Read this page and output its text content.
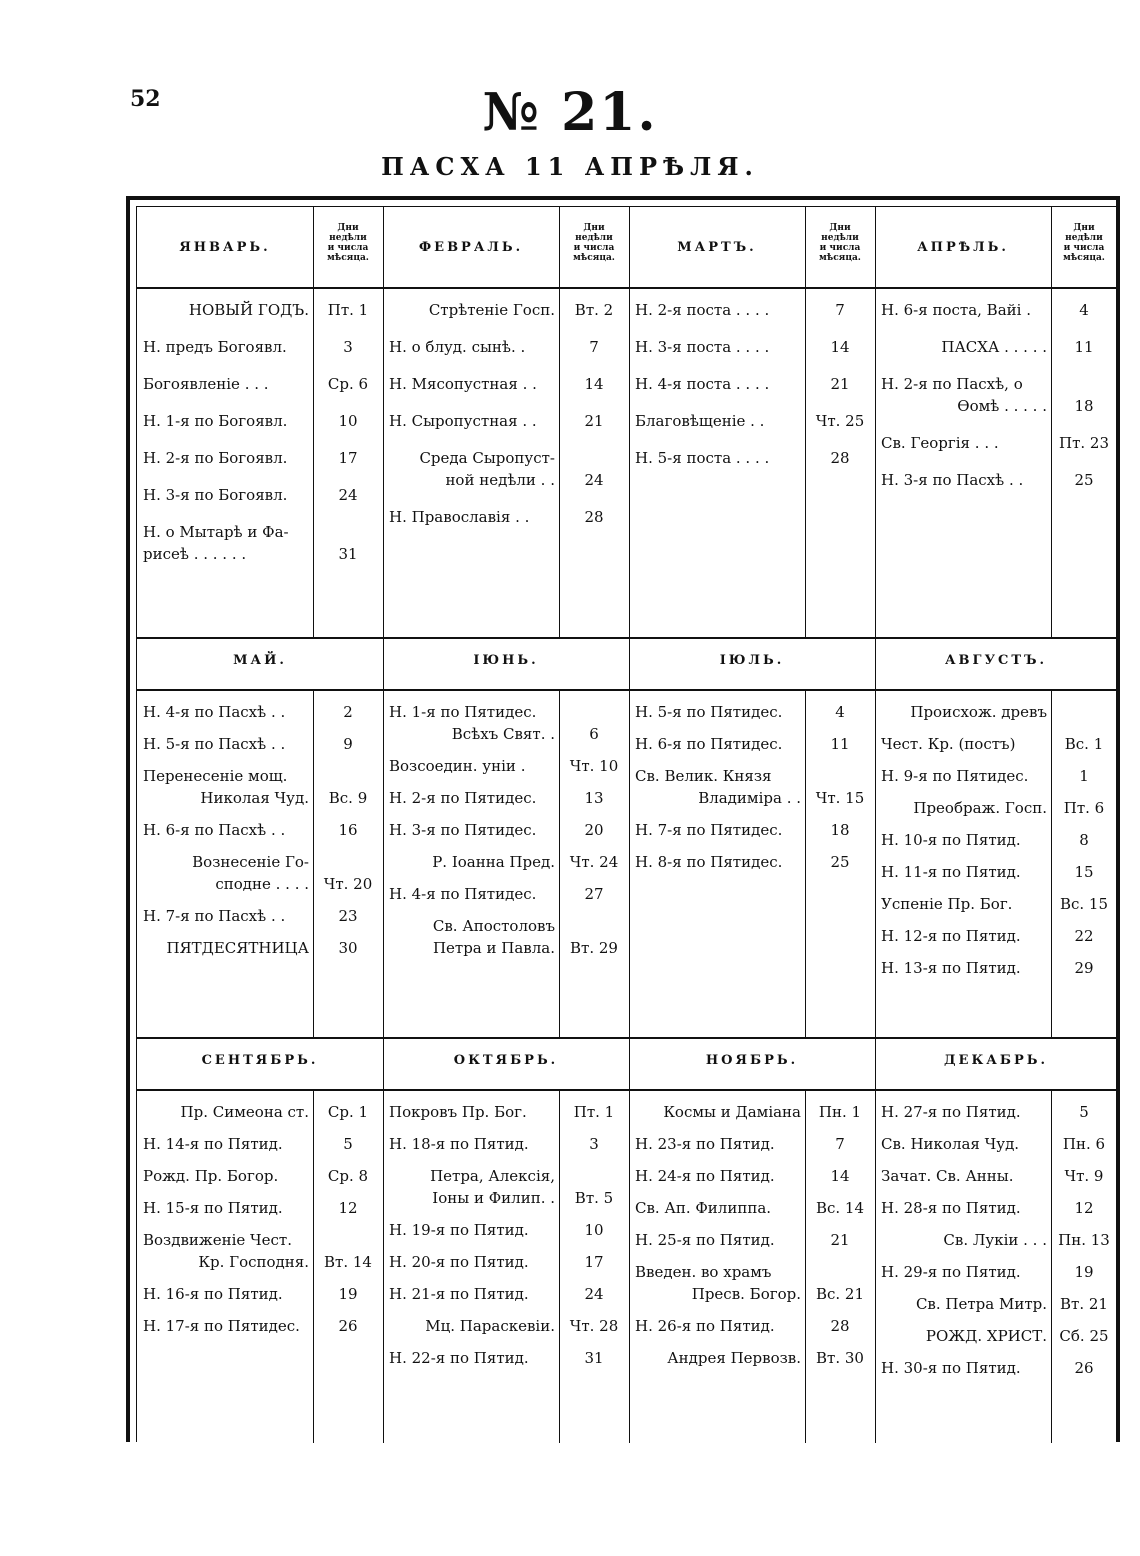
52	№ 21.
ПАСХА 11 АПРѢЛЯ.
ЯНВАРЬ.
Дни
недѣли
и числа
мѣсяца.
НОВЫЙ ГОДЪ.	Пт. 1
Н. предъ Богоявл.	3
Богоявленіе . . .	Ср. 6
Н. 1-я по Богоявл.	10
Н. 2-я по Богоявл.	17
Н. 3-я по Богоявл.	24
Н. о Мытарѣ и Фа-
рисеѣ . . . . . .	31
ФЕВРАЛЬ.
Дни
недѣли
и числа
мѣсяца.
Стрѣтеніе Госп.	Вт. 2
Н. о блуд. сынѣ. .	7
Н. Мясопустная . .	14
Н. Сыропустная . .	21
Среда Сыропуст-
ной недѣли . .	24
Н. Православія . .	28
МАРТЪ.
Дни
недѣли
и числа
мѣсяца.
Н. 2-я поста . . . .	7
Н. 3-я поста . . . .	14
Н. 4-я поста . . . .	21
Благовѣщеніе . .	Чт. 25
Н. 5-я поста . . . .	28
АПРѢЛЬ.
Дни
недѣли
и числа
мѣсяца.
Н. 6-я поста, Вайі .	4
ПАСХА . . . . .	11
Н. 2-я по Пасхѣ, о
Ѳомѣ . . . . .	18
Св. Георгія . . .	Пт. 23
Н. 3-я по Пасхѣ . .	25
МАЙ.
Н. 4-я по Пасхѣ . .	2
Н. 5-я по Пасхѣ . .	9
Перенесеніе мощ.
Николая Чуд.	Вс. 9
Н. 6-я по Пасхѣ . .	16
Вознесеніе Го-
сподне . . . . Чт. 20
Н. 7-я по Пасхѣ . .	23
ПЯТДЕСЯТНИЦА	30
ІЮНЬ.
Н. 1-я по Пятидес.
Всѣхъ Свят. .	6
Возсоедин. уніи .	Чт. 10
Н. 2-я по Пятидес.	13
Н. 3-я по Пятидес.	20
Р. Іоанна Пред. Чт. 24
Н. 4-я по Пятидес.	27
Св. Апостоловъ
Петра и Павла.	Вт. 29
ІЮЛЬ.
Н. 5-я по Пятидес.	4
Н. 6-я по Пятидес.	11
Св. Велик. Князя
Владиміра . . Чт. 15
Н. 7-я по Пятидес.	18
Н. 8-я по Пятидес.	25
АВГУСТЪ.
Происхож. древъ
Чест. Кр. (постъ)	Вс. 1
Н. 9-я по Пятидес.	1
Преображ. Госп.	Пт. 6
Н. 10-я по Пятид.	8
Н. 11-я по Пятид.	15
Успеніе Пр. Бог.	Вс. 15
Н. 12-я по Пятид.	22
Н. 13-я по Пятид.	29
СЕНТЯБРЬ.
Пр. Симеона ст.	Ср. 1
Н. 14-я по Пятид.	5
Рожд. Пр. Богор.	Ср. 8
Н. 15-я по Пятид.	12
Воздвиженіе Чест.
Кр. Господня.	Вт. 14
Н. 16-я по Пятид.	19
Н. 17-я по Пятидес.	26
ОКТЯБРЬ.
Покровъ Пр. Бог.	Пт. 1
Н. 18-я по Пятид.	3
Петра, Алексія,
Іоны и Филип. .	Вт. 5
Н. 19-я по Пятид.	10
Н. 20-я по Пятид.	17
Н. 21-я по Пятид.	24
Мц. Параскевіи. Чт. 28
Н. 22-я по Пятид.	31
НОЯБРЬ.
Космы и Даміана	Пн. 1
Н. 23-я по Пятид.	7
Н. 24-я по Пятид.	14
Св. Ап. Филиппа.	Вс. 14
Н. 25-я по Пятид.	21
Введен. во храмъ
Пресв. Богор. Вс. 21
Н. 26-я по Пятид.	28
Андрея Первозв.	Вт. 30
ДЕКАБРЬ.
Н. 27-я по Пятид.	5
Св. Николая Чуд.	Пн. 6
Зачат. Св. Анны.	Чт. 9
Н. 28-я по Пятид.	12
Св. Лукіи . . . Пн. 13
Н. 29-я по Пятид.	19
Св. Петра Митр. Вт. 21
РОЖД. ХРИСТ. Сб. 25
Н. 30-я по Пятид.	26
